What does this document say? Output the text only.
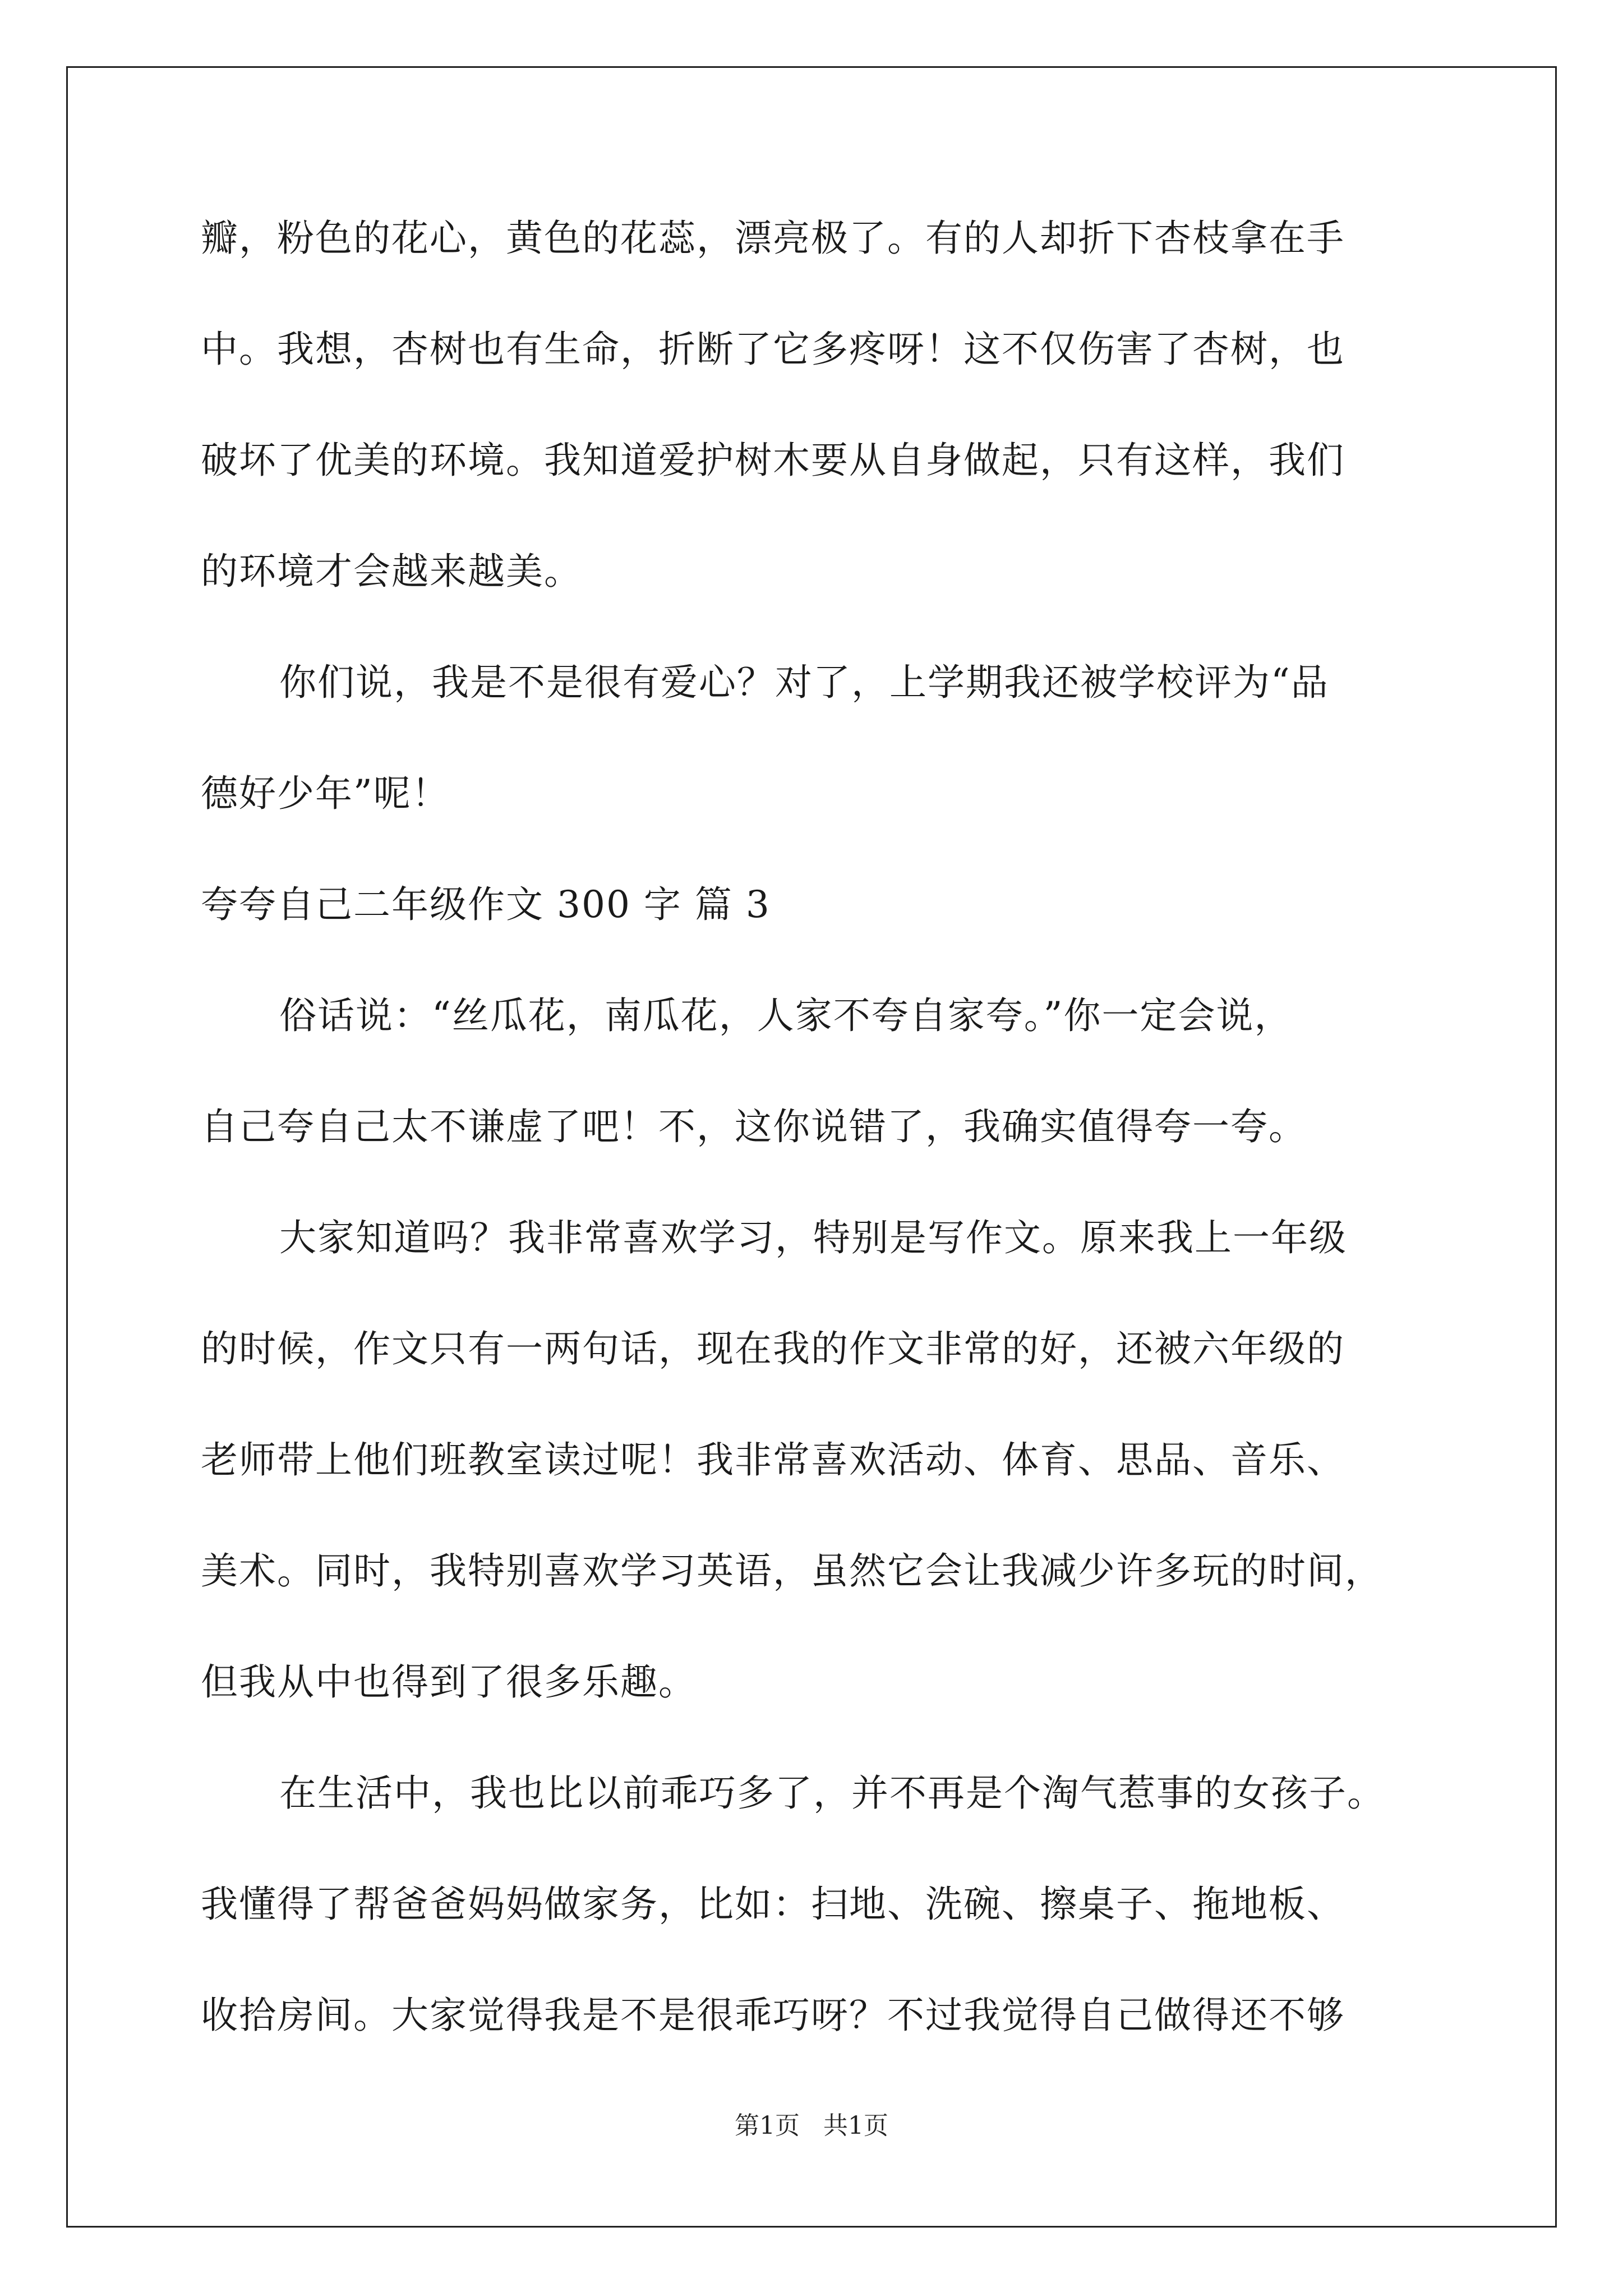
瓣，粉色的花心，黄色的花蕊，漂亮极了。有的人却折下杏枝拿在手
中。我想，杏树也有生命，折断了它多疼呀！这不仅伤害了杏树，也
破坏了优美的环境。我知道爱护树木要从自身做起，只有这样，我们
的环境才会越来越美。
你们说，我是不是很有爱心？对了，上学期我还被学校评为“品
德好少年”呢！
夸夸自己二年级作文 300 字 篇 3
俗话说：“丝瓜花，南瓜花，人家不夸自家夸。”你一定会说，
自己夸自己太不谦虚了吧！不，这你说错了，我确实值得夸一夸。
大家知道吗？我非常喜欢学习，特别是写作文。原来我上一年级
的时候，作文只有一两句话，现在我的作文非常的好，还被六年级的
老师带上他们班教室读过呢！我非常喜欢活动、体育、思品、音乐、
美术。同时，我特别喜欢学习英语，虽然它会让我减少许多玩的时间，
但我从中也得到了很多乐趣。
在生活中，我也比以前乖巧多了，并不再是个淘气惹事的女孩子。
我懂得了帮爸爸妈妈做家务，比如：扫地、洗碗、擦桌子、拖地板、
收拾房间。大家觉得我是不是很乖巧呀？不过我觉得自己做得还不够
第1页   共1页
